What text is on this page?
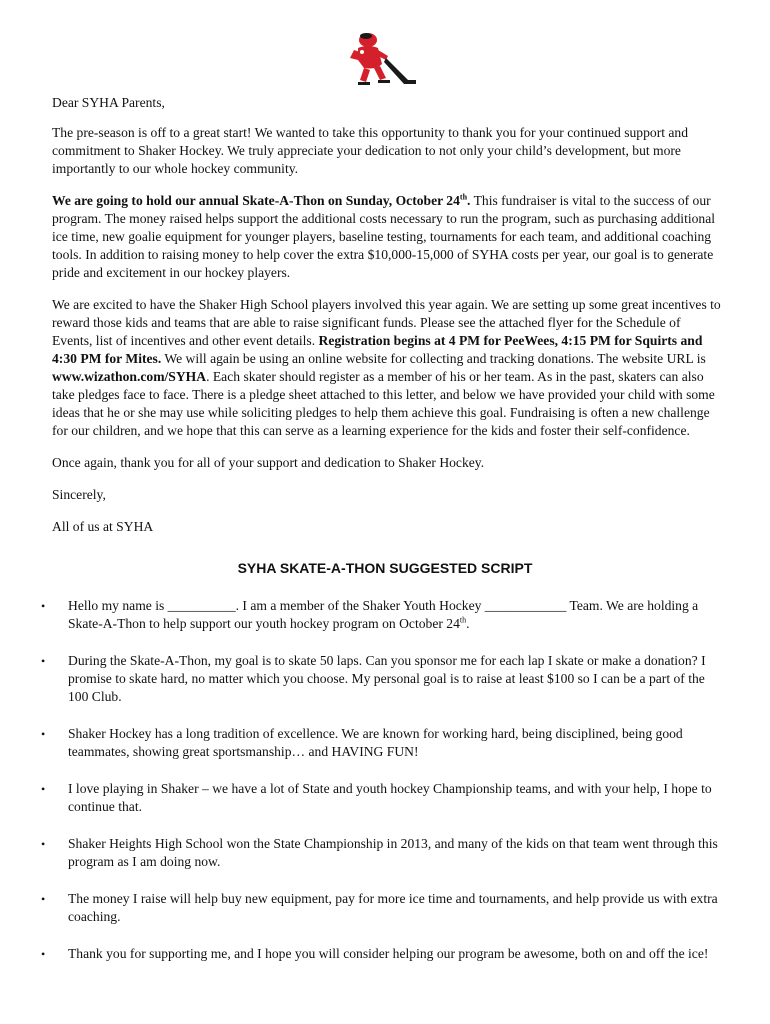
Dear SYHA Parents,

The pre-season is off to a great start! We wanted to take this opportunity to thank you for your continued support and commitment to Shaker Hockey. We truly appreciate your dedication to not only your child’s development, but more importantly to our whole hockey community.

We are going to hold our annual Skate-A-Thon on Sunday, October 24th. This fundraiser is vital to the success of our program. The money raised helps support the additional costs necessary to run the program, such as purchasing additional ice time, new goalie equipment for younger players, baseline testing, tournaments for each team, and additional coaching tools. In addition to raising money to help cover the extra $10,000-15,000 of SYHA costs per year, our goal is to generate pride and excitement in our hockey players.

We are excited to have the Shaker High School players involved this year again. We are setting up some great incentives to reward those kids and teams that are able to raise significant funds. Please see the attached flyer for the Schedule of Events, list of incentives and other event details. Registration begins at 4 PM for PeeWees, 4:15 PM for Squirts and 4:30 PM for Mites. We will again be using an online website for collecting and tracking donations. The website URL is www.wizathon.com/SYHA. Each skater should register as a member of his or her team. As in the past, skaters can also take pledges face to face. There is a pledge sheet attached to this letter, and below we have provided your child with some ideas that he or she may use while soliciting pledges to help them achieve this goal. Fundraising is often a new challenge for our children, and we hope that this can serve as a learning experience for the kids and foster their self-confidence.

Once again, thank you for all of your support and dedication to Shaker Hockey.

Sincerely,

All of us at SYHA

SYHA SKATE-A-THON SUGGESTED SCRIPT
• Hello my name is __________. I am a member of the Shaker Youth Hockey ____________ Team. We are holding a Skate-A-Thon to help support our youth hockey program on October 24th.
• During the Skate-A-Thon, my goal is to skate 50 laps. Can you sponsor me for each lap I skate or make a donation? I promise to skate hard, no matter which you choose. My personal goal is to raise at least $100 so I can be a part of the 100 Club.
• Shaker Hockey has a long tradition of excellence. We are known for working hard, being disciplined, being good teammates, showing great sportsmanship… and HAVING FUN!
• I love playing in Shaker – we have a lot of State and youth hockey Championship teams, and with your help, I hope to continue that.
• Shaker Heights High School won the State Championship in 2013, and many of the kids on that team went through this program as I am doing now.
• The money I raise will help buy new equipment, pay for more ice time and tournaments, and help provide us with extra coaching.
• Thank you for supporting me, and I hope you will consider helping our program be awesome, both on and off the ice!
